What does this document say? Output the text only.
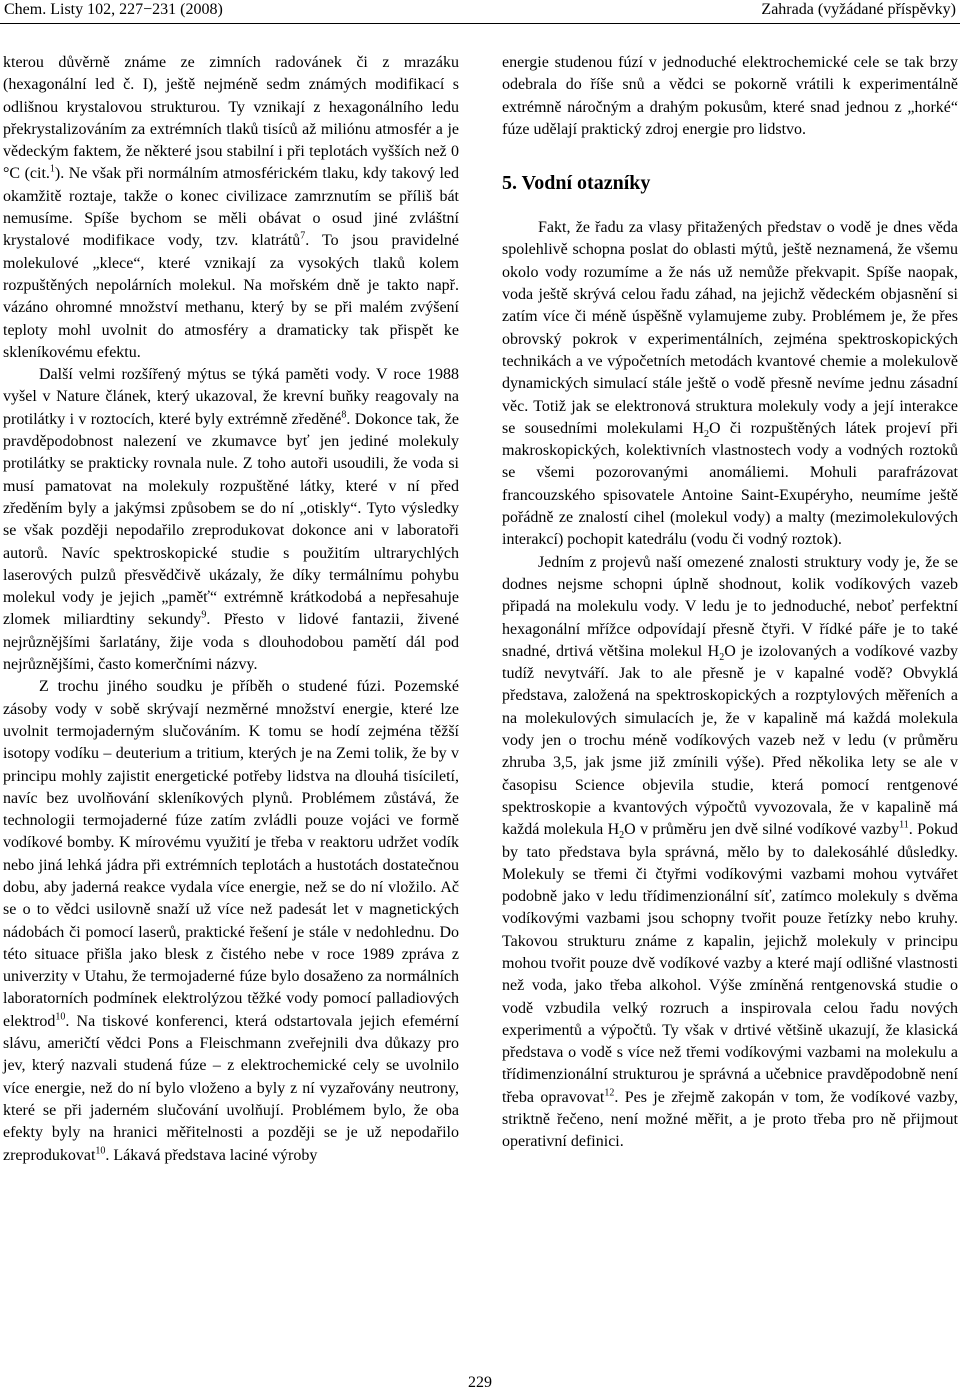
Chem. Listy 102, 227−231 (2008)	Zahrada (vyžádané příspěvky)

kterou důvěrně známe ze zimních radovánek či z mrazáku (hexagonální led č. I), ještě nejméně sedm známých modifikací s odlišnou krystalovou strukturou. Ty vznikají z hexagonálního ledu překrystalizováním za extrémních tlaků tisíců až miliónu atmosfér a je vědeckým faktem, že některé jsou stabilní i při teplotách vyšších než 0 °C (cit.$^1$). Ne však při normálním atmosférickém tlaku, kdy takový led okamžitě roztaje, takže o konec civilizace zamrznutím se příliš bát nemusíme. Spíše bychom se měli obávat o osud jiné zvláštní krystalové modifikace vody, tzv. klatrátů$^7$. To jsou pravidelné molekulové „klece“, které vznikají za vysokých tlaků kolem rozpuštěných nepolárních molekul. Na mořském dně je takto např. vázáno ohromné množství methanu, který by se při malém zvýšení teploty mohl uvolnit do atmosféry a dramaticky tak přispět ke skleníkovému efektu.

Další velmi rozšířený mýtus se týká paměti vody. V roce 1988 vyšel v Nature článek, který ukazoval, že krevní buňky reagovaly na protilátky i v roztocích, které byly extrémně zředěné$^8$. Dokonce tak, že pravděpodobnost nalezení ve zkumavce byť jen jediné molekuly protilátky se prakticky rovnala nule. Z toho autoři usoudili, že voda si musí pamatovat na molekuly rozpuštěné látky, které v ní před zředěním byly a jakýmsi způsobem se do ní „otiskly“. Tyto výsledky se však později nepodařilo zreprodukovat dokonce ani v laboratoři autorů. Navíc spektroskopické studie s použitím ultrarychlých laserových pulzů přesvědčivě ukázaly, že díky termálnímu pohybu molekul vody je jejich „paměť“ extrémně krátkodobá a nepřesahuje zlomek miliardtiny sekundy$^9$. Přesto v lidové fantazii, živené nejrůznějšími šarlatány, žije voda s dlouhodobou pamětí dál pod nejrůznějšími, často komerčními názvy.

Z trochu jiného soudku je příběh o studené fúzi. Pozemské zásoby vody v sobě skrývají nezměrné množství energie, které lze uvolnit termojaderným slučováním. K tomu se hodí zejména těžší isotopy vodíku – deuterium a tritium, kterých je na Zemi tolik, že by v principu mohly zajistit energetické potřeby lidstva na dlouhá tisíciletí, navíc bez uvolňování skleníkových plynů. Problémem zůstává, že technologii termojaderné fúze zatím zvládli pouze vojáci ve formě vodíkové bomby. K mírovému využití je třeba v reaktoru udržet vodík nebo jiná lehká jádra při extrémních teplotách a hustotách dostatečnou dobu, aby jaderná reakce vydala více energie, než se do ní vložilo. Ač se o to vědci usilovně snaží už více než padesát let v magnetických nádobách či pomocí laserů, praktické řešení je stále v nedohlednu. Do této situace přišla jako blesk z čistého nebe v roce 1989 zpráva z univerzity v Utahu, že termojaderné fúze bylo dosaženo za normálních laboratorních podmínek elektrolýzou těžké vody pomocí palladiových elektrod$^{10}$. Na tiskové konferenci, která odstartovala jejich efemérní slávu, američtí vědci Pons a Fleischmann zveřejnili dva důkazy pro jev, který nazvali studená fúze – z elektrochemické cely se uvolnilo více energie, než do ní bylo vloženo a byly z ní vyzařovány neutrony, které se při jaderném slučování uvolňují. Problémem bylo, že oba efekty byly na hranici měřitelnosti a později se je už nepodařilo zreprodukovat$^{10}$. Lákavá představa laciné výroby

energie studenou fúzí v jednoduché elektrochemické cele se tak brzy odebrala do říše snů a vědci se pokorně vrátili k experimentálně extrémně náročným a drahým pokusům, které snad jednou z „horké“ fúze udělají praktický zdroj energie pro lidstvo.

5. Vodní otazníky

Fakt, že řadu za vlasy přitažených představ o vodě je dnes věda spolehlivě schopna poslat do oblasti mýtů, ještě neznamená, že všemu okolo vody rozumíme a že nás už nemůže překvapit. Spíše naopak, voda ještě skrývá celou řadu záhad, na jejichž vědeckém objasnění si zatím více či méně úspěšně vylamujeme zuby. Problémem je, že přes obrovský pokrok v experimentálních, zejména spektroskopických technikách a ve výpočetních metodách kvantové chemie a molekulově dynamických simulací stále ještě o vodě přesně nevíme jednu zásadní věc. Totiž jak se elektronová struktura molekuly vody a její interakce se sousedními molekulami $H_2O$ či rozpuštěných látek projeví při makroskopických, kolektivních vlastnostech vody a vodných roztoků se všemi pozorovanými anomáliemi. Mohuli parafrázovat francouzského spisovatele Antoine Saint-Exupéryho, neumíme ještě pořádně ze znalostí cihel (molekul vody) a malty (mezimolekulových interakcí) pochopit katedrálu (vodu či vodný roztok).

Jedním z projevů naší omezené znalosti struktury vody je, že se dodnes nejsme schopni úplně shodnout, kolik vodíkových vazeb připadá na molekulu vody. V ledu je to jednoduché, neboť perfektní hexagonální mřížce odpovídají přesně čtyři. V řídké páře je to také snadné, drtivá většina molekul $H_2O$ je izolovaných a vodíkové vazby tudíž nevytváří. Jak to ale přesně je v kapalné vodě? Obvyklá představa, založená na spektroskopických a rozptylových měřeních a na molekulových simulacích je, že v kapalině má každá molekula vody jen o trochu méně vodíkových vazeb než v ledu (v průměru zhruba 3,5, jak jsme již zmínili výše). Před několika lety se ale v časopisu Science objevila studie, která pomocí rentgenové spektroskopie a kvantových výpočtů vyvozovala, že v kapalině má každá molekula $H_2O$ v průměru jen dvě silné vodíkové vazby$^{11}$. Pokud by tato představa byla správná, mělo by to dalekosáhlé důsledky. Molekuly se třemi či čtyřmi vodíkovými vazbami mohou vytvářet podobně jako v ledu třídimenzionální síť, zatímco molekuly s dvěma vodíkovými vazbami jsou schopny tvořit pouze řetízky nebo kruhy. Takovou strukturu známe z kapalin, jejichž molekuly v principu mohou tvořit pouze dvě vodíkové vazby a které mají odlišné vlastnosti než voda, jako třeba alkohol. Výše zmíněná rentgenovská studie o vodě vzbudila velký rozruch a inspirovala celou řadu nových experimentů a výpočtů. Ty však v drtivé většině ukazují, že klasická představa o vodě s více než třemi vodíkovými vazbami na molekulu a třídimenzionální strukturou je správná a učebnice pravděpodobně není třeba opravovat$^{12}$. Pes je zřejmě zakopán v tom, že vodíkové vazby, striktně řečeno, není možné měřit, a je proto třeba pro ně přijmout operativní definici.

229
